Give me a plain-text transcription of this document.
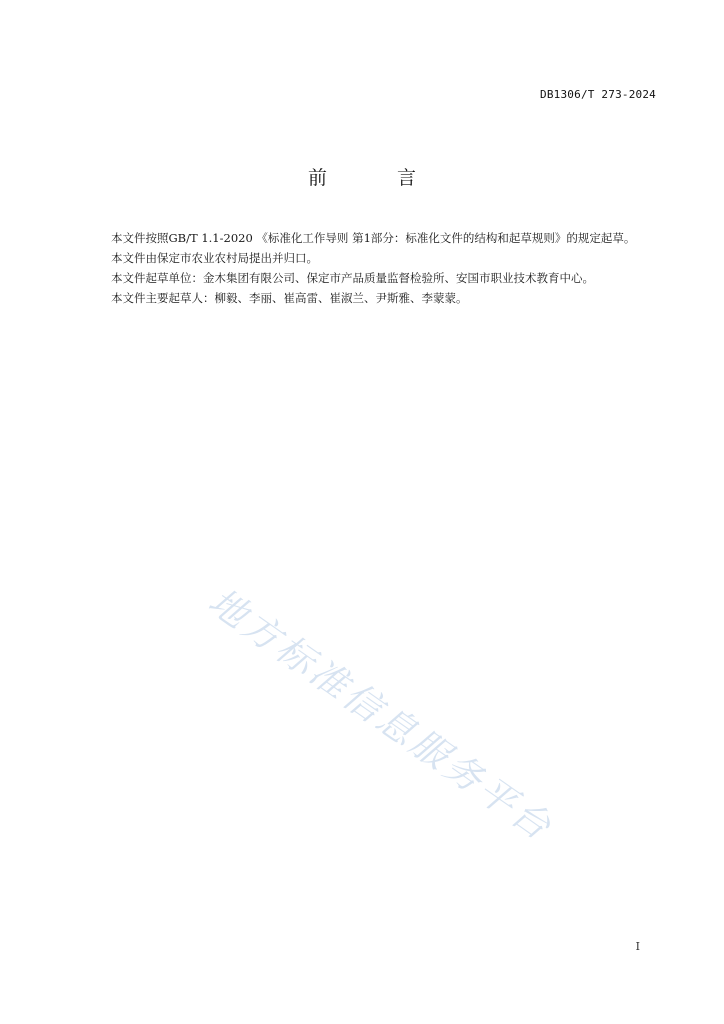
DB1306/T 273-2024
前	言

本文件按照GB/T 1.1-2020 《标准化工作导则 第1部分：标准化文件的结构和起草规则》的规定起草。

本文件由保定市农业农村局提出并归口。

本文件起草单位：金木集团有限公司、保定市产品质量监督检验所、安国市职业技术教育中心。

本文件主要起草人：柳毅、李丽、崔高雷、崔淑兰、尹斯雅、李蒙蒙。

地方标准信息服务平台
I
